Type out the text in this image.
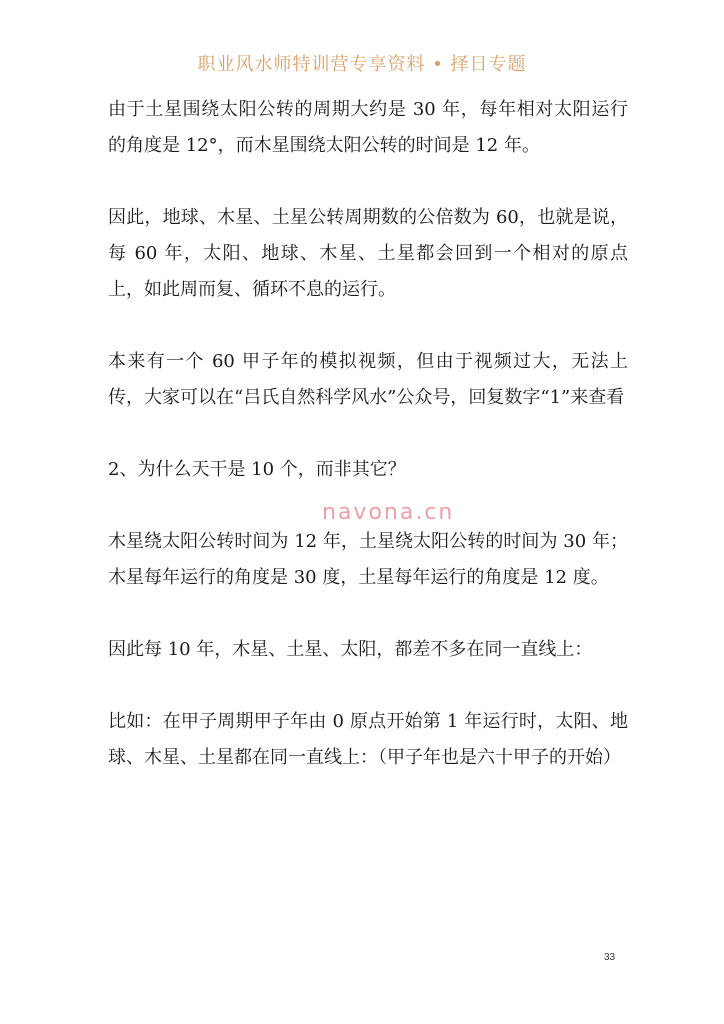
职业风水师特训营专享资料 • 择日专题

由于土星围绕太阳公转的周期大约是 30 年，每年相对太阳运行的角度是 12°，而木星围绕太阳公转的时间是 12 年。

因此，地球、木星、土星公转周期数的公倍数为 60，也就是说，每 60 年，太阳、地球、木星、土星都会回到一个相对的原点上，如此周而复、循环不息的运行。

本来有一个 60 甲子年的模拟视频，但由于视频过大，无法上传，大家可以在“吕氏自然科学风水”公众号，回复数字“1”来查看

2、为什么天干是 10 个，而非其它？

木星绕太阳公转时间为 12 年，土星绕太阳公转的时间为 30 年；木星每年运行的角度是 30 度，土星每年运行的角度是 12 度。

因此每 10 年，木星、土星、太阳，都差不多在同一直线上：

比如：在甲子周期甲子年由 0 原点开始第 1 年运行时，太阳、地球、木星、土星都在同一直线上：（甲子年也是六十甲子的开始）

navona.cn
33
